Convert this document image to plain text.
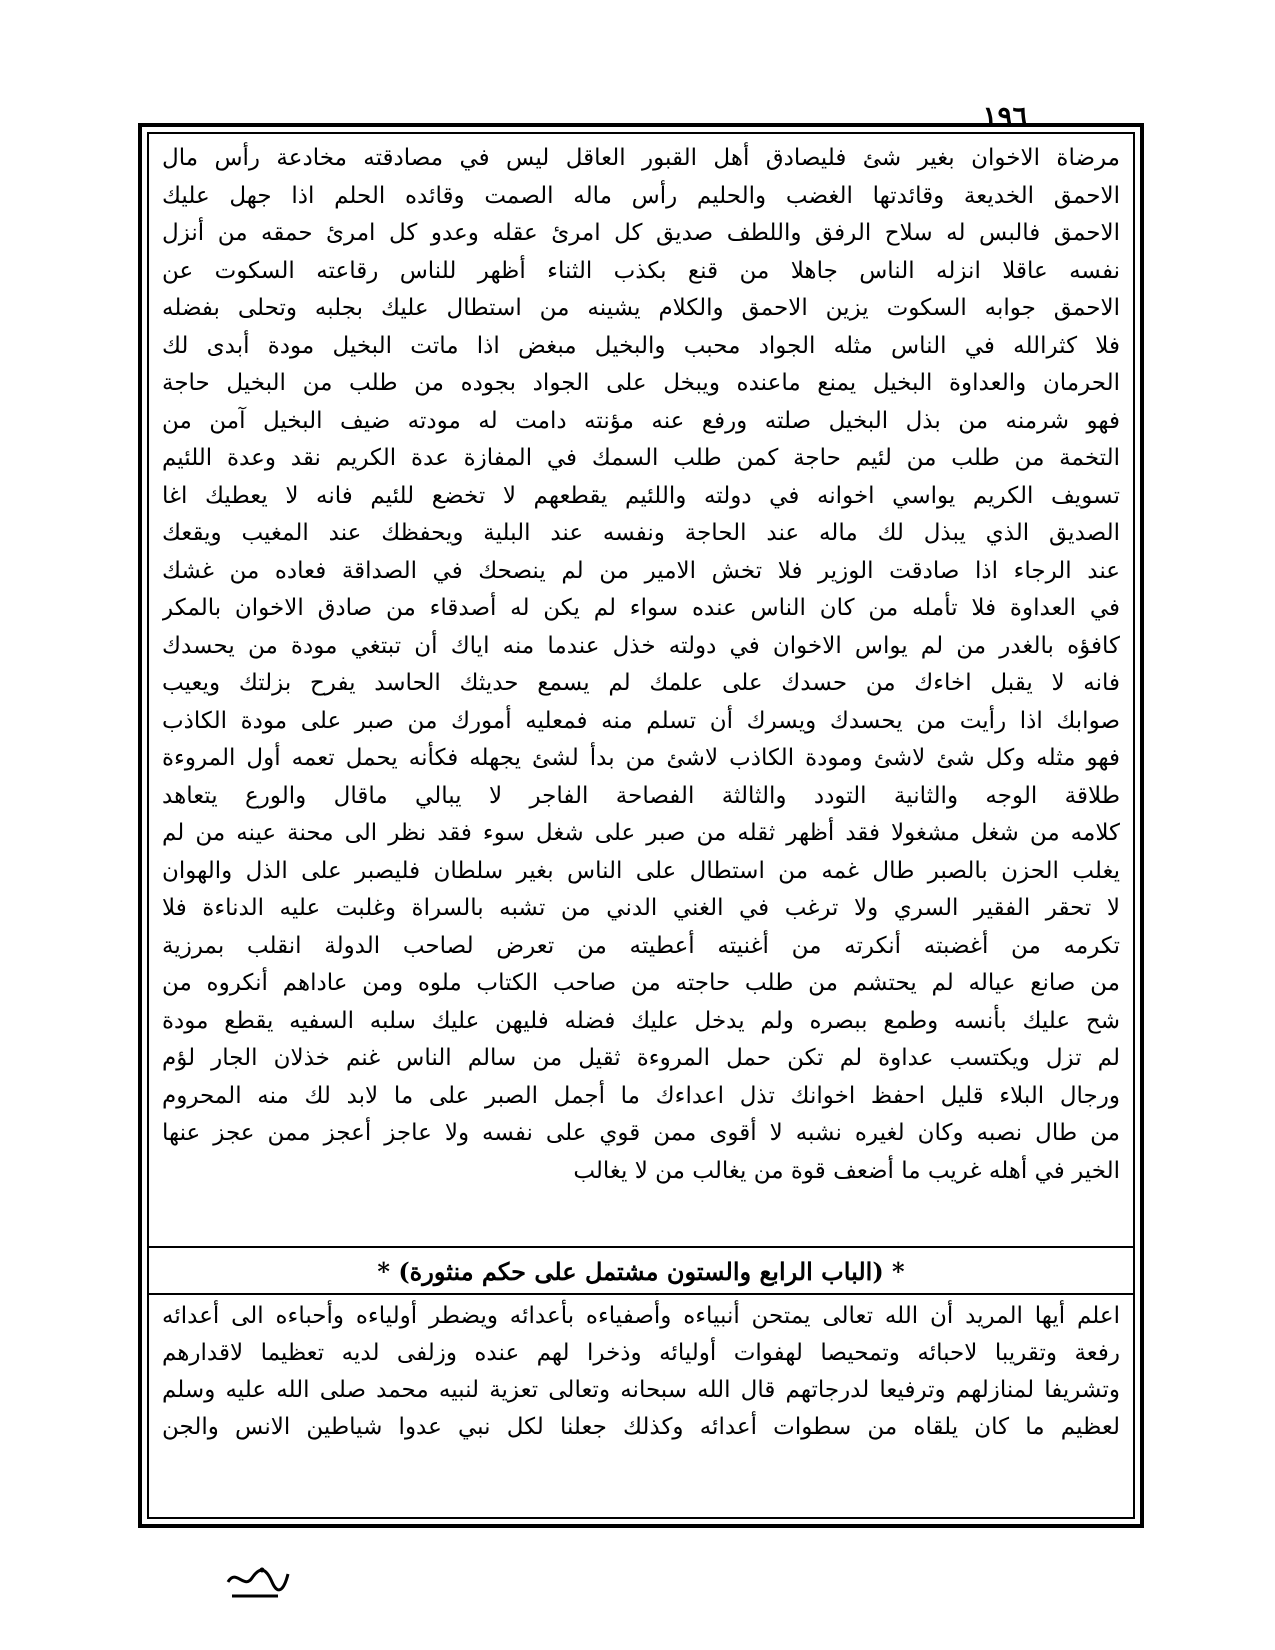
١٩٦
مرضاة الاخوان بغير شئ فليصادق أهل القبور العاقل ليس في مصادقته مخادعة رأس مال
الاحمق الخديعة وقائدتها الغضب والحليم رأس ماله الصمت وقائده الحلم اذا جهل عليك
الاحمق فالبس له سلاح الرفق واللطف صديق كل امرئ عقله وعدو كل امرئ حمقه من أنزل
نفسه عاقلا انزله الناس جاهلا من قنع بكذب الثناء أظهر للناس رقاعته السكوت عن
الاحمق جوابه السكوت يزين الاحمق والكلام يشينه من استطال عليك بجلبه وتحلى بفضله
فلا كثرالله في الناس مثله الجواد محبب والبخيل مبغض اذا ماتت البخيل مودة أبدى لك
الحرمان والعداوة البخيل يمنع ماعنده ويبخل على الجواد بجوده من طلب من البخيل حاجة
فهو شرمنه من بذل البخيل صلته ورفع عنه مؤنته دامت له مودته ضيف البخيل آمن من
التخمة من طلب من لئيم حاجة كمن طلب السمك في المفازة عدة الكريم نقد وعدة اللئيم
تسويف الكريم يواسي اخوانه في دولته واللئيم يقطعهم لا تخضع للئيم فانه لا يعطيك اغا
الصديق الذي يبذل لك ماله عند الحاجة ونفسه عند البلية ويحفظك عند المغيب ويقعك
عند الرجاء اذا صادقت الوزير فلا تخش الامير من لم ينصحك في الصداقة فعاده من غشك
في العداوة فلا تأمله من كان الناس عنده سواء لم يكن له أصدقاء من صادق الاخوان بالمكر
كافؤه بالغدر من لم يواس الاخوان في دولته خذل عندما منه اياك أن تبتغي مودة من يحسدك
فانه لا يقبل اخاءك من حسدك على علمك لم يسمع حديثك الحاسد يفرح بزلتك ويعيب
صوابك اذا رأيت من يحسدك ويسرك أن تسلم منه فمعليه أمورك من صبر على مودة الكاذب
فهو مثله وكل شئ لاشئ ومودة الكاذب لاشئ من بدأ لشئ يجهله فكأنه يحمل تعمه أول المروءة
طلاقة الوجه والثانية التودد والثالثة الفصاحة الفاجر لا يبالي ماقال والورع يتعاهد
كلامه من شغل مشغولا فقد أظهر ثقله من صبر على شغل سوء فقد نظر الى محنة عينه من لم
يغلب الحزن بالصبر طال غمه من استطال على الناس بغير سلطان فليصبر على الذل والهوان
لا تحقر الفقير السري ولا ترغب في الغني الدني من تشبه بالسراة وغلبت عليه الدناءة فلا
تكرمه من أغضبته أنكرته من أغنيته أعطيته من تعرض لصاحب الدولة انقلب بمرزية
من صانع عياله لم يحتشم من طلب حاجته من صاحب الكتاب ملوه ومن عاداهم أنكروه من
شح عليك بأنسه وطمع ببصره ولم يدخل عليك فضله فليهن عليك سلبه السفيه يقطع مودة
لم تزل ويكتسب عداوة لم تكن حمل المروءة ثقيل من سالم الناس غنم خذلان الجار لؤم
ورجال البلاء قليل احفظ اخوانك تذل اعداءك ما أجمل الصبر على ما لابد لك منه المحروم
من طال نصبه وكان لغيره نشبه لا أقوى ممن قوي على نفسه ولا عاجز أعجز ممن عجز عنها
الخير في أهله غريب ما أضعف قوة من يغالب من لا يغالب
* (الباب الرابع والستون مشتمل على حكم منثورة) *
اعلم أيها المريد أن الله تعالى يمتحن أنبياءه وأصفياءه بأعدائه ويضطر أولياءه وأحباءه الى أعدائه
رفعة وتقريبا لاحبائه وتمحيصا لهفوات أوليائه وذخرا لهم عنده وزلفى لديه تعظيما لاقدارهم
وتشريفا لمنازلهم وترفيعا لدرجاتهم قال الله سبحانه وتعالى تعزية لنبيه محمد صلى الله عليه وسلم
لعظيم ما كان يلقاه من سطوات أعدائه وكذلك جعلنا لكل نبي عدوا شياطين الانس والجن
